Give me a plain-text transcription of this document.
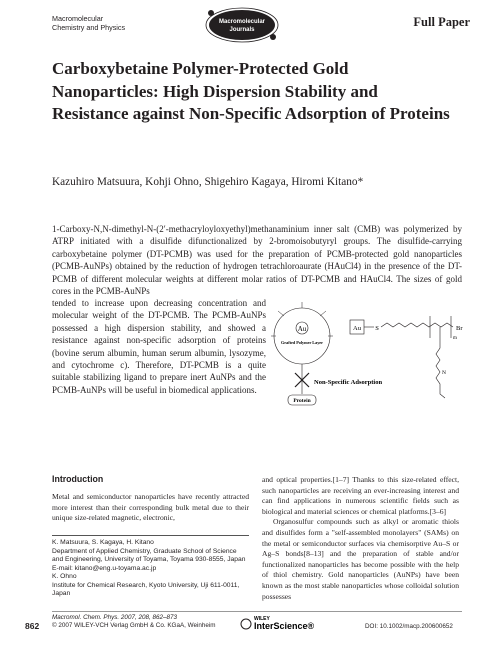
Macromolecular
Chemistry and Physics
Macromolecular
Journals
Full Paper
Carboxybetaine Polymer-Protected Gold Nanoparticles: High Dispersion Stability and Resistance against Non-Specific Adsorption of Proteins
Kazuhiro Matsuura, Kohji Ohno, Shigehiro Kagaya, Hiromi Kitano*
1-Carboxy-N,N-dimethyl-N-(2′-methacryloyloxyethyl)methanaminium inner salt (CMB) was polymerized by ATRP initiated with a disulfide difunctionalized by 2-bromoisobutyryl groups. The disulfide-carrying carboxybetaine polymer (DT-PCMB) was used for the preparation of PCMB-protected gold nanoparticles (PCMB-AuNPs) obtained by the reduction of hydrogen tetrachloroaurate (HAuCl4) in the presence of the DT-PCMB of different molecular weights at different molar ratios of DT-PCMB and HAuCl4. The sizes of gold cores in the PCMB-AuNPs
tended to increase upon decreasing concentration and molecular weight of the DT-PCMB. The PCMB-AuNPs possessed a high dispersion stability, and showed a resistance against non-specific adsorption of proteins (bovine serum albumin, human serum albumin, lysozyme, and cytochrome c). Therefore, DT-PCMB is a quite suitable stabilizing ligand to prepare inert AuNPs and the PCMB-AuNPs will be useful in biomedical applications.
Au
Grafted Polymer Layer
Au S	Br
m
N
Non-Specific Adsorption
Protein
Introduction

Metal and semiconductor nanoparticles have recently attracted more interest than their corresponding bulk metal due to their unique size-related magnetic, electronic,

K. Matsuura, S. Kagaya, H. Kitano
Department of Applied Chemistry, Graduate School of Science and Engineering, University of Toyama, Toyama 930-8555, Japan
E-mail: kitano@eng.u-toyama.ac.jp
K. Ohno
Institute for Chemical Research, Kyoto University, Uji 611-0011, Japan

and optical properties.[1–7] Thanks to this size-related effect, such nanoparticles are receiving an ever-increasing interest and can find applications in numerous scientific fields such as biological and material sciences or chemical platforms.[3–6]

Organosulfur compounds such as alkyl or aromatic thiols and disulfides form a "self-assembled monolayers" (SAMs) on the metal or semiconductor surfaces via chemisorptive Au–S or Ag–S bonds[8–13] and the preparation of stable and/or functionalized nanoparticles has become possible with the help of thiol chemistry. Gold nanoparticles (AuNPs) have been known as the most stable nanoparticles whose colloidal solution possesses

862
Macromol. Chem. Phys. 2007, 208, 862–873
© 2007 WILEY-VCH Verlag GmbH & Co. KGaA, Weinheim
WILEY
InterScience®	DOI: 10.1002/macp.200600652
